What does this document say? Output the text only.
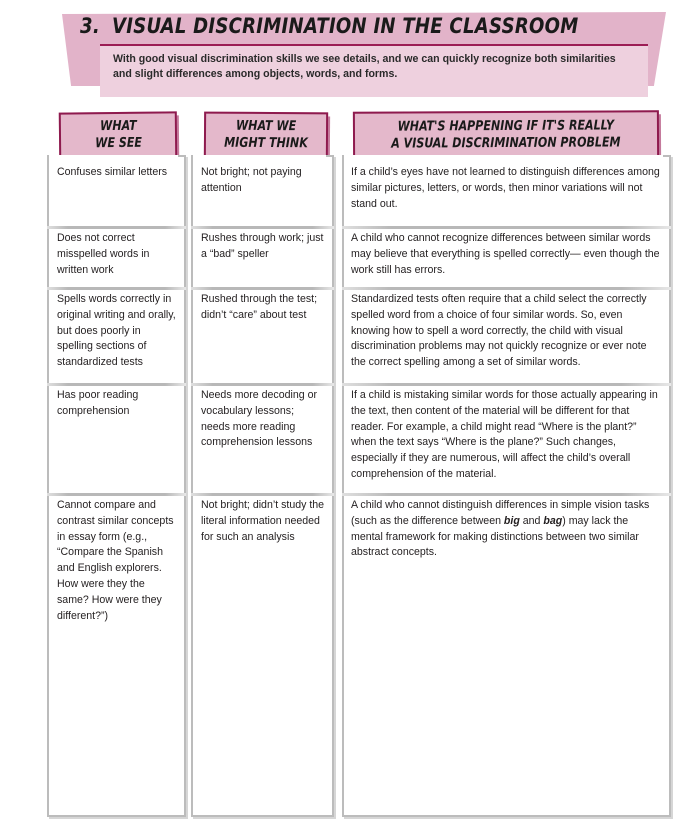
3. VISUAL DISCRIMINATION IN THE CLASSROOM
With good visual discrimination skills we see details, and we can quickly recognize both similarities and slight differences among objects, words, and forms.
WHAT
WE SEE
WHAT WE
MIGHT THINK
WHAT'S HAPPENING IF IT'S REALLY
A VISUAL DISCRIMINATION PROBLEM
Confuses similar letters
Does not correct misspelled words in written work
Spells words correctly in original writing and orally, but does poorly in spelling sections of standardized tests
Has poor reading comprehension
Cannot compare and contrast similar concepts in essay form (e.g., “Compare the Spanish and English explorers. How were they the same? How were they different?”)
Not bright; not paying attention
Rushes through work; just a “bad” speller
Rushed through the test; didn’t “care” about test
Needs more decoding or vocabulary lessons; needs more reading comprehension lessons
Not bright; didn’t study the literal information needed for such an analysis
If a child’s eyes have not learned to distinguish differences among similar pictures, letters, or words, then minor variations will not stand out.
A child who cannot recognize differences between similar words may believe that everything is spelled correctly— even though the work still has errors.
Standardized tests often require that a child select the correctly spelled word from a choice of four similar words. So, even knowing how to spell a word correctly, the child with visual discrimination problems may not quickly recognize or ever note the correct spelling among a set of similar words.
If a child is mistaking similar words for those actually appearing in the text, then content of the material will be different for that reader. For example, a child might read “Where is the plant?” when the text says “Where is the plane?” Such changes, especially if they are numerous, will affect the child’s overall comprehension of the material.
A child who cannot distinguish differences in simple vision tasks (such as the difference between big and bag) may lack the mental framework for making distinctions between two similar abstract concepts.
